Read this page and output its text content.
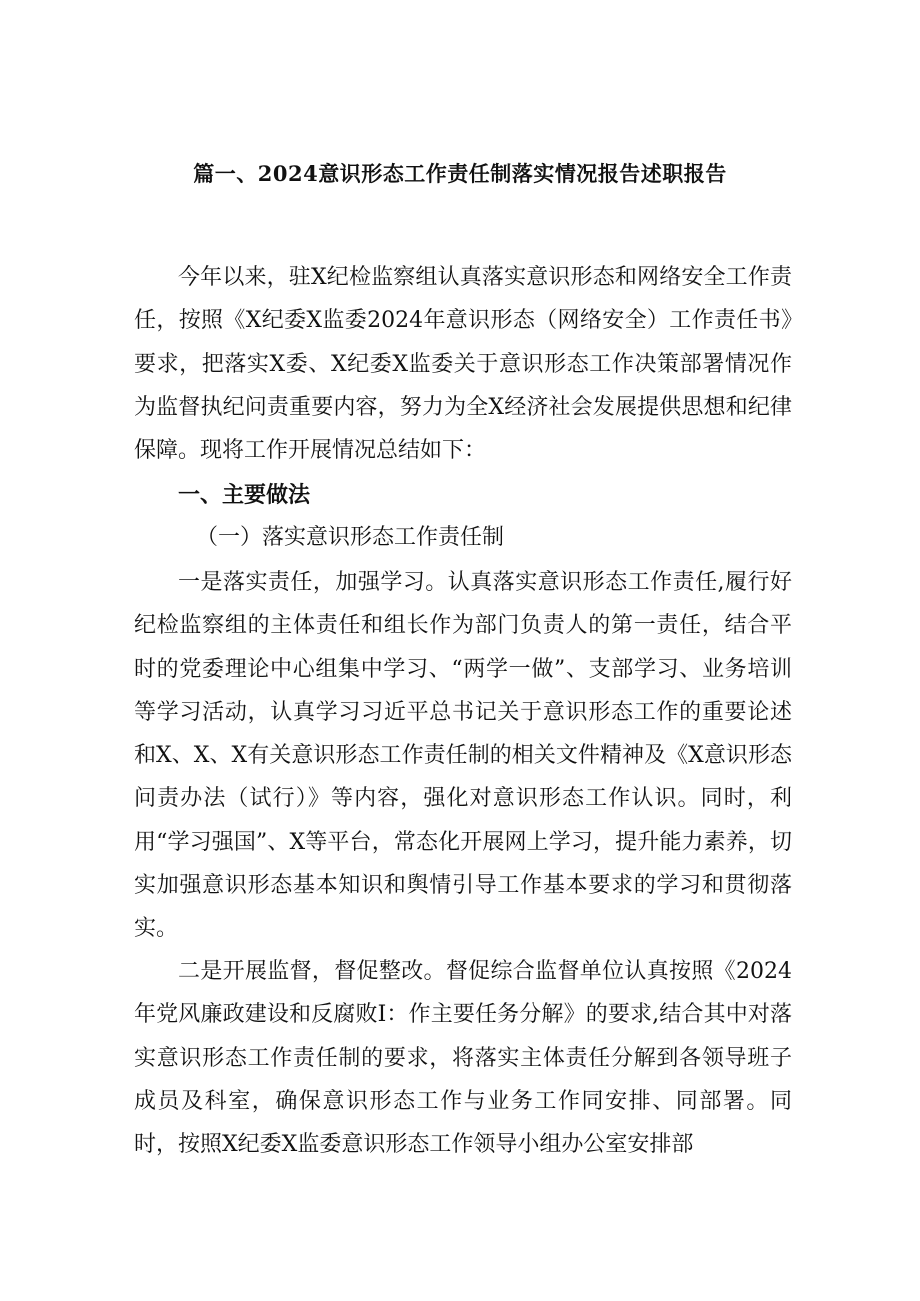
篇一、2024意识形态工作责任制落实情况报告述职报告

今年以来，驻X纪检监察组认真落实意识形态和网络安全工作责任，按照《X纪委X监委2024年意识形态（网络安全）工作责任书》要求，把落实X委、X纪委X监委关于意识形态工作决策部署情况作为监督执纪问责重要内容，努力为全X经济社会发展提供思想和纪律保障。现将工作开展情况总结如下：

一、主要做法

（一）落实意识形态工作责任制

一是落实责任，加强学习。认真落实意识形态工作责任,履行好纪检监察组的主体责任和组长作为部门负责人的第一责任，结合平时的党委理论中心组集中学习、“两学一做”、支部学习、业务培训等学习活动，认真学习习近平总书记关于意识形态工作的重要论述和X、X、X有关意识形态工作责任制的相关文件精神及《X意识形态问责办法（试行）》等内容，强化对意识形态工作认识。同时，利用“学习强国”、X等平台，常态化开展网上学习，提升能力素养，切实加强意识形态基本知识和舆情引导工作基本要求的学习和贯彻落实。

二是开展监督，督促整改。督促综合监督单位认真按照《2024年党风廉政建设和反腐败I：作主要任务分解》的要求,结合其中对落实意识形态工作责任制的要求，将落实主体责任分解到各领导班子成员及科室，确保意识形态工作与业务工作同安排、同部署。同时，按照X纪委X监委意识形态工作领导小组办公室安排部
